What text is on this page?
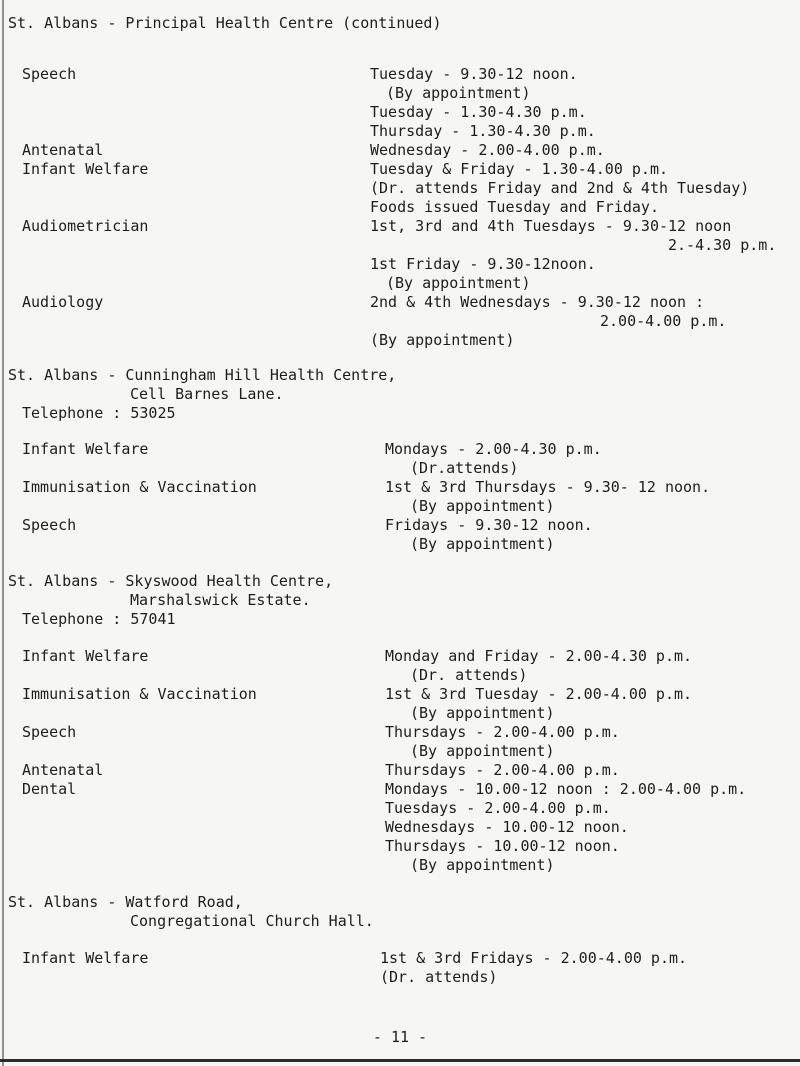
St. Albans - Principal Health Centre (continued)
Speech	Tuesday - 9.30-12 noon.
(By appointment)
Tuesday - 1.30-4.30 p.m.
Thursday - 1.30-4.30 p.m.
Antenatal	Wednesday - 2.00-4.00 p.m.
Infant Welfare	Tuesday & Friday - 1.30-4.00 p.m.
(Dr. attends Friday and 2nd & 4th Tuesday)
Foods issued Tuesday and Friday.
Audiometrician	1st, 3rd and 4th Tuesdays - 9.30-12 noon
2.-4.30 p.m.
1st Friday - 9.30-12noon.
(By appointment)
Audiology	2nd & 4th Wednesdays - 9.30-12 noon :
2.00-4.00 p.m.
(By appointment)
St. Albans - Cunningham Hill Health Centre,
Cell Barnes Lane.
Telephone : 53025
Infant Welfare	Mondays - 2.00-4.30 p.m.
(Dr.attends)
Immunisation & Vaccination	1st & 3rd Thursdays - 9.30- 12 noon.
(By appointment)
Speech	Fridays - 9.30-12 noon.
(By appointment)
St. Albans - Skyswood Health Centre,
Marshalswick Estate.
Telephone : 57041
Infant Welfare	Monday and Friday - 2.00-4.30 p.m.
(Dr. attends)
Immunisation & Vaccination	1st & 3rd Tuesday - 2.00-4.00 p.m.
(By appointment)
Speech	Thursdays - 2.00-4.00 p.m.
(By appointment)
Antenatal	Thursdays - 2.00-4.00 p.m.
Dental	Mondays - 10.00-12 noon : 2.00-4.00 p.m.
Tuesdays - 2.00-4.00 p.m.
Wednesdays - 10.00-12 noon.
Thursdays - 10.00-12 noon.
(By appointment)
St. Albans - Watford Road,
Congregational Church Hall.
Infant Welfare	1st & 3rd Fridays - 2.00-4.00 p.m.
(Dr. attends)
- 11 -
